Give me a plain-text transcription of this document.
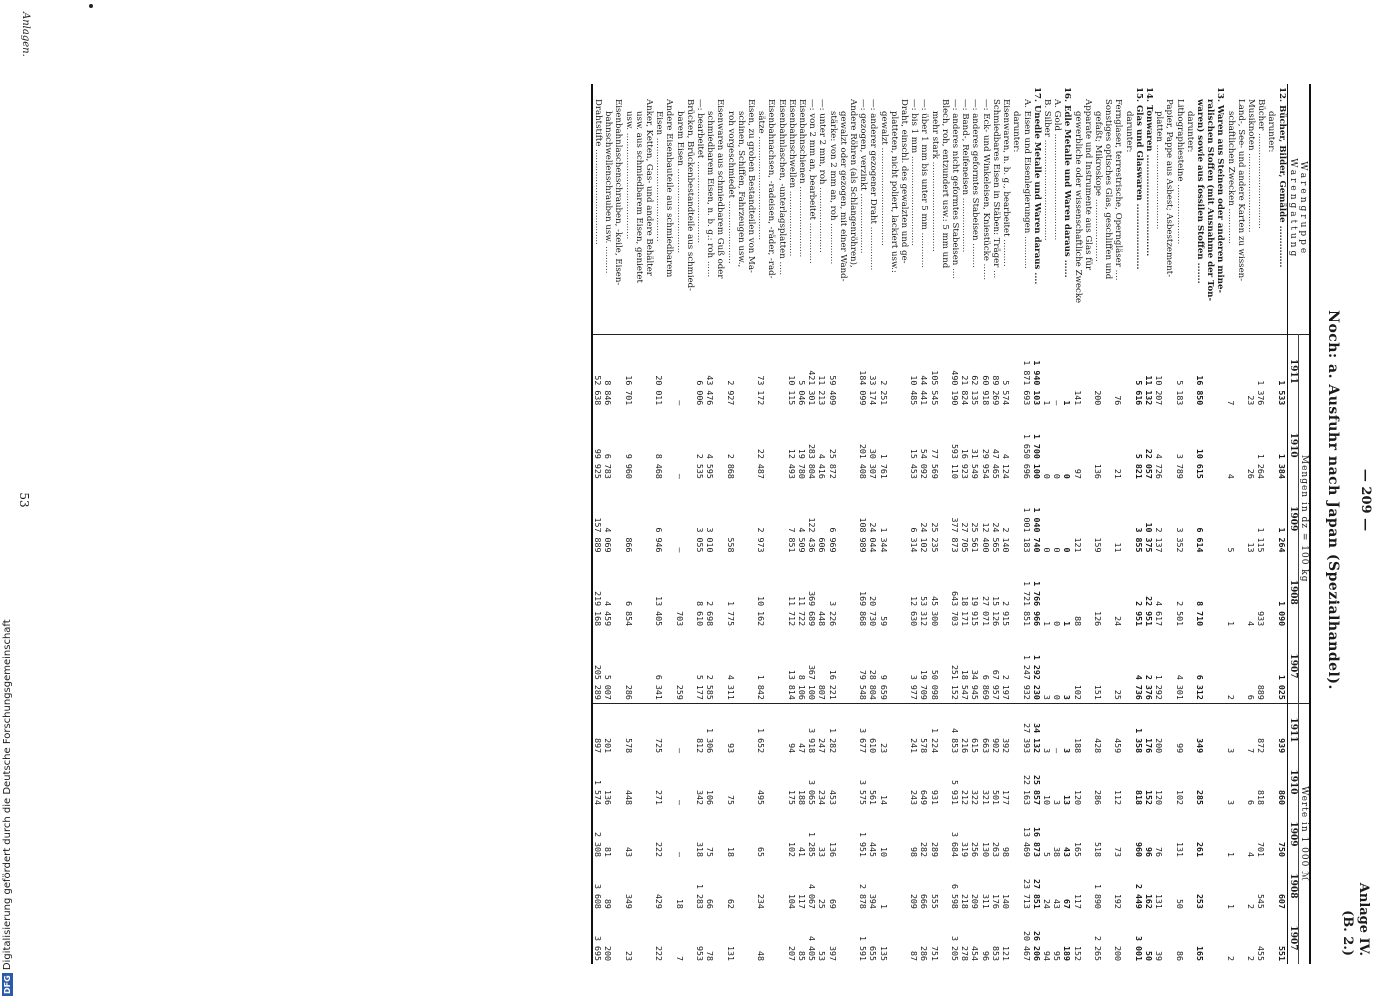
— 209 —
Anlage IV.
(B. 2.)
Noch: a. Ausfuhr nach Japan (Spezialhandel).
Warengruppe
Warengattung	Mengen in dz = 100 kg					Werte in 1 000 ℳ				
	1911	1910	1909	1908	1907	1911	1910	1909	1908	1907
12. Bücher, Bilder, Gemälde ..............	1 533	1 384	1 264	1 090	1 025	939	860	750	607	551
darunter:										
Bücher ...................................	1 376	1 264	1 115	933	889	872	818	701	545	455
Musiknoten .............................	23	26	13	4	6	7	6	4	2	2
Land-, See- und andere Karten zu wissen-										
schaftlichen Zwecken .............	7	4	5	1	2	3	3	1	1	2
13. Waren aus Steinen oder anderen mine-										
ralischen Stoffen (mit Ausnahme der Ton-										
waren) sowie aus fossilen Stoffen .......	16 850	10 615	6 614	8 710	6 312	349	285	261	253	165
darunter:										
Lithographiesteine ......................	5 183	3 789	3 352	2 501	4 301	99	102	131	50	86
Papier, Pappe aus Asbest; Asbestzement-										
platten ...............................	10 207	4 726	2 137	4 617	1 292	200	120	76	131	39
14. Tonwaren ..................................	11 132	22 057	10 375	22 951	2 376	176	152	96	162	50
15. Glas und Glaswaren ......................	5 616	5 821	3 855	2 951	4 736	1 358	818	960	2 449	3 001
darunter:										
Fernglaser, terrestrische, Operngläser ....	76	21	11	24	25	459	112	73	192	200
Sonstiges optisches Glas, geschliffen und										
gefaßt; Mikroskope .......................	200	136	159	126	151	428	286	518	1 890	2 265
Apparate und Instrumente aus Glas für										
gewerbliche oder wissenschaftliche Zwecke	141	97	121	88	102	188	120	165	117	152
16. Edle Metalle und Waren daraus ......	1	0	0	1	3	3	13	43	67	189
A. Gold .......................................	—	0	0	0	0	—	3	38	43	95
B. Silber .....................................	1	0	0	1	3	3	10	5	24	94
17. Unedle Metalle und Waren daraus ....	1 940 103	1 700 100	1 040 740	1 766 966	1 292 230	34 132	25 857	16 873	27 851	26 206
A. Eisen und Eisenlegierungen ............	1 871 693	1 650 696	1 001 183	1 721 851	1 247 932	27 393	22 163	13 469	23 713	20 467
darunter:										
Eisenwaren, n. b. g., bearbeitet ..........	5 574	4 124	2 140	2 915	2 197	392	177	98	140	121
Schmiedbares Eisen in Stäben: Träger ...	89 269	47 465	24 565	15 126	67 957	902	501	263	176	853
—: Eck- und Winkeleisen, Kniestücke ......	60 918	29 954	12 400	27 071	6 869	663	321	130	311	96
—: anderes geformtes Stabeisen .........	62 135	31 549	25 561	19 915	34 945	615	322	256	209	454
—: Band-, Reifeneisen ....................	21 824	16 923	27 705	18 171	18 547	216	212	319	218	278
—: anderes nicht geformtes Stabeisen ....	490 190	593 110	377 873	643 703	251 152	4 853	5 931	3 684	6 598	3 205
Blech, roh, entzundert usw.: 5 mm und										
mehr stark .................................	105 545	77 569	25 235	45 300	50 098	1 224	931	289	555	751
—: über 1 mm bis unter 5 mm .............	44 441	54 092	24 102	53 312	19 709	578	649	282	666	286
—: bis 1 mm .................................	10 485	15 453	6 314	12 630	3 977	241	243	98	209	87
Draht, einschl. des gewalzten und ge-										
platteten, nicht poliert, lackiert usw.:										
gewalzt ....................................	2 251	1 761	1 344	59	9 659	23	14	10	1	135
—: anderer gezogener Draht ................	33 174	30 307	24 044	20 730	28 804	610	561	445	394	655
—: gezogen, verzinkt ......................	184 099	201 408	108 989	169 868	79 548	3 677	3 575	1 951	2 878	1 591
Andere Röhren (als Schlangenröhren),										
gewalzt oder gezogen, mit einer Wand-										
stärke: von 2 mm an, roh ...............	59 409	25 872	6 969	3 226	16 221	1 282	453	136	69	397
—: unter 2 mm, roh ........................	11 213	4 416	606	448	807	247	234	33	25	53
—: von 2 mm an, bearbeitet ...............	421 301	283 804	122 436	369 689	367 100	3 918	3 065	1 285	4 067	4 405
Eisenbahnschienen ..........................	5 046	19 780	4 509	11 722	8 106	47	188	41	117	85
Eisenbahnschwellen ........................	10 115	12 493	7 851	11 712	13 814	94	175	102	104	207
Eisenbahnlaschen, -unterlagsplatten .....										
Eisenbahnachsen, -radeisen, -räder, -rad-										
sätze ......................................	73 172	22 487	2 973	10 162	1 842	1 652	495	65	234	48
Eisen, zu groben Bestandteilen von Ma-										
schinen, Schiffen, Fahrzeugen usw.,										
roh vorgeschmiedet .......................	2 927	2 868	558	1 775	4 311	93	75	18	62	131
Eisenwaren aus schmiedbarem Guß oder										
schmiedbarem Eisen, n. b. g.: roh ......	43 476	4 595	3 010	2 698	2 585	1 306	106	75	66	78
—: bearbeitet ..............................	6 006	2 535	3 055	8 610	5 177	812	342	318	1 283	953
Brücken, Brückenbestandteile aus schmied-										
barem Eisen ...............................	—	—	—	703	259	—	—	—	18	7
Andere Eisenbauteile aus schmiedbarem										
Eisen ......................................	20 011	8 468	6 946	13 405	6 341	725	271	222	429	222
Anker, Ketten, Gas- und andere Behälter										
usw. aus schmiedbarem Eisen, genietet										
usw. .......................................	16 701	9 960	866	6 854	286	578	448	43	349	23
Eisenbahnlaschenschrauben, -keile, Eisen-										
bahnschwellenschrauben usw. ..........	8 846	6 783	4 069	4 459	5 007	201	136	81	89	200
Drahtstifte ...................................	52 638	99 925	157 889	219 168	205 289	897	1 574	2 308	3 608	3 695
Anlagen.
53
DFG Digitalisierung gefördert durch die Deutsche Forschungsgemeinschaft
